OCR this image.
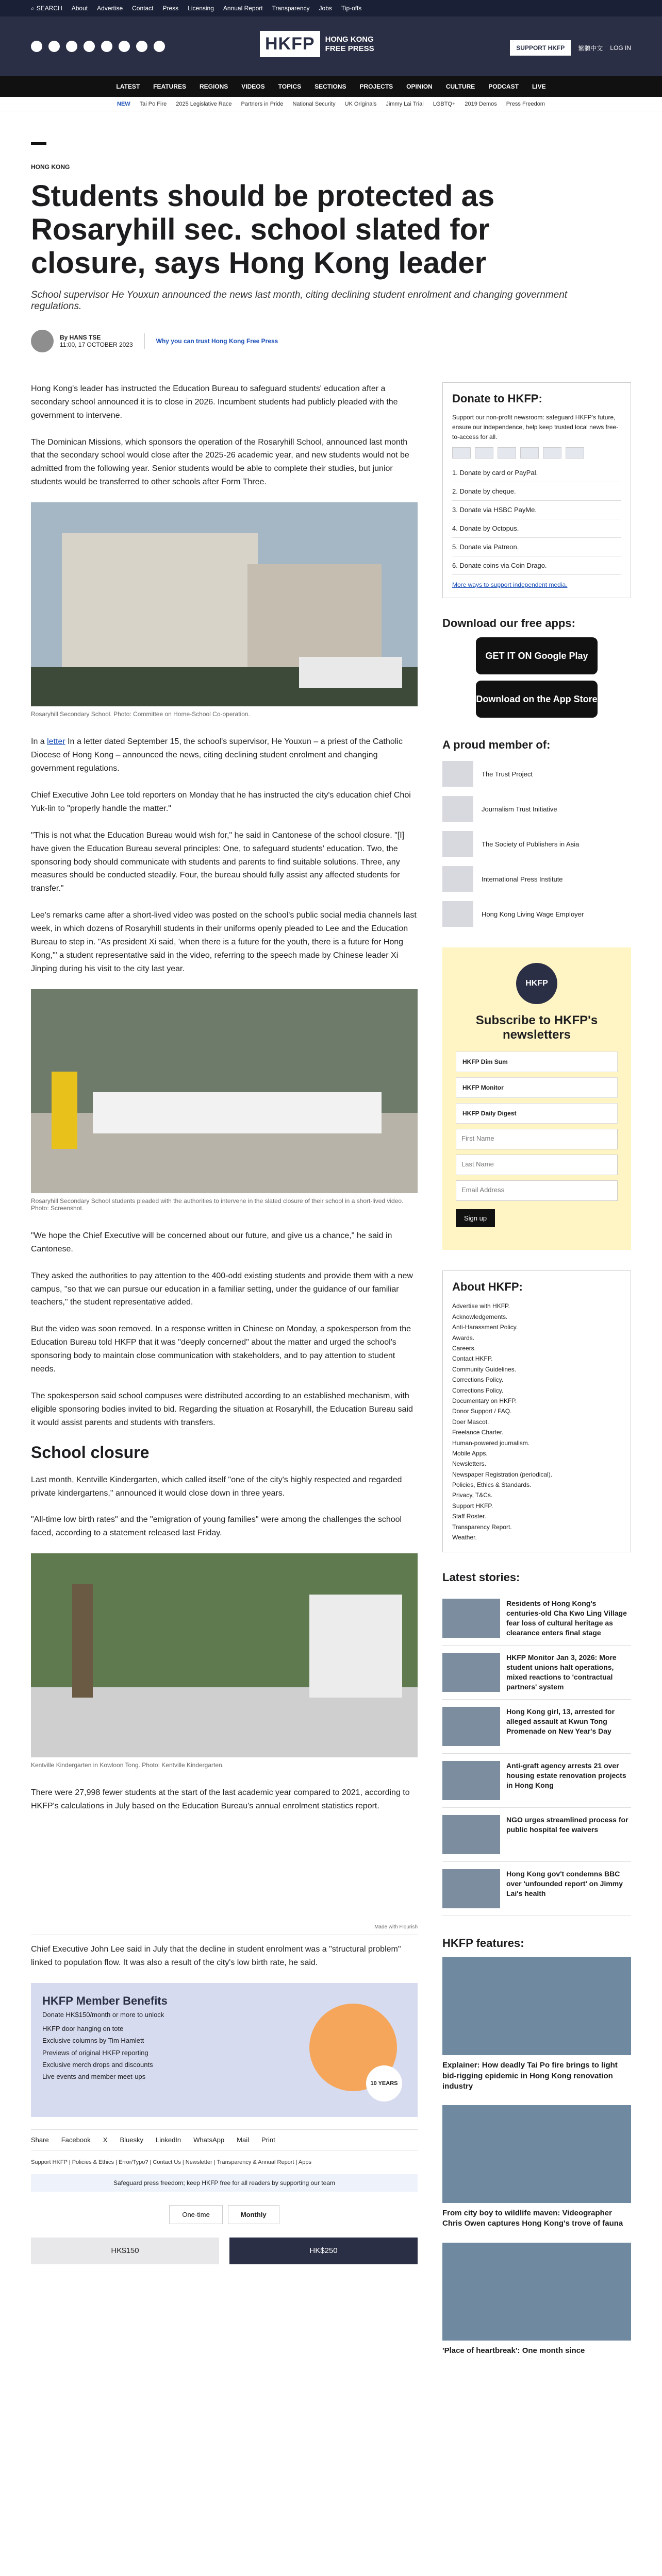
⌕ SEARCH About Advertise Contact Press Licensing Annual Report Transparency Jobs Tip-offs
HKFP	HONG KONG
FREE PRESS	SUPPORT HKFP	繁體中文 LOG IN
LATEST FEATURES REGIONS VIDEOS TOPICS SECTIONS PROJECTS OPINION CULTURE PODCAST LIVE
NEW Tai Po Fire 2025 Legislative Race Partners in Pride National Security UK Originals Jimmy Lai Trial LGBTQ+ 2019 Demos Press Freedom
HONG KONG
Students should be protected as Rosaryhill sec. school slated for closure, says Hong Kong leader
School supervisor He Youxun announced the news last month, citing declining student enrolment and changing government regulations.
By HANS TSE
11:00, 17 OCTOBER 2023	Why you can trust Hong Kong Free Press

Hong Kong's leader has instructed the Education Bureau to safeguard students' education after a secondary school announced it is to close in 2026. Incumbent students had publicly pleaded with the government to intervene.

The Dominican Missions, which sponsors the operation of the Rosaryhill School, announced last month that the secondary school would close after the 2025-26 academic year, and new students would not be admitted from the following year. Senior students would be able to complete their studies, but junior students would be transferred to other schools after Form Three.

Rosaryhill Secondary School. Photo: Committee on Home-School Co-operation.

In a letter In a letter dated September 15, the school's supervisor, He Youxun – a priest of the Catholic Diocese of Hong Kong – announced the news, citing declining student enrolment and changing government regulations.

Chief Executive John Lee told reporters on Monday that he has instructed the city's education chief Choi Yuk-lin to "properly handle the matter."

"This is not what the Education Bureau would wish for," he said in Cantonese of the school closure. "[I] have given the Education Bureau several principles: One, to safeguard students' education. Two, the sponsoring body should communicate with students and parents to find suitable solutions. Three, any measures should be conducted steadily. Four, the bureau should fully assist any affected students for transfer."

Lee's remarks came after a short-lived video was posted on the school's public social media channels last week, in which dozens of Rosaryhill students in their uniforms openly pleaded to Lee and the Education Bureau to step in. "As president Xi said, 'when there is a future for the youth, there is a future for Hong Kong,'" a student representative said in the video, referring to the speech made by Chinese leader Xi Jinping during his visit to the city last year.

Rosaryhill Secondary School students pleaded with the authorities to intervene in the slated closure of their school in a short-lived video. Photo: Screenshot.

"We hope the Chief Executive will be concerned about our future, and give us a chance," he said in Cantonese.

They asked the authorities to pay attention to the 400-odd existing students and provide them with a new campus, "so that we can pursue our education in a familiar setting, under the guidance of our familiar teachers," the student representative added.

But the video was soon removed. In a response written in Chinese on Monday, a spokesperson from the Education Bureau told HKFP that it was "deeply concerned" about the matter and urged the school's sponsoring body to maintain close communication with stakeholders, and to pay attention to student needs.

The spokesperson said school compuses were distributed according to an established mechanism, with eligible sponsoring bodies invited to bid. Regarding the situation at Rosaryhill, the Education Bureau said it would assist parents and students with transfers.

School closure

Last month, Kentville Kindergarten, which called itself "one of the city's highly respected and regarded private kindergartens," announced it would close down in three years.

"All-time low birth rates" and the "emigration of young families" were among the challenges the school faced, according to a statement released last Friday.

Kentville Kindergarten in Kowloon Tong. Photo: Kentville Kindergarten.

There were 27,998 fewer students at the start of the last academic year compared to 2021, according to HKFP's calculations in July based on the Education Bureau's annual enrolment statistics report.

Made with Flourish

Chief Executive John Lee said in July that the decline in student enrolment was a "structural problem" linked to population flow. It was also a result of the city's low birth rate, he said.

HKFP Member Benefits
Donate HK$150/month or more to unlock
HKFP door hanging on tote
Exclusive columns by Tim Hamlett
Previews of original HKFP reporting
Exclusive merch drops and discounts
Live events and member meet-ups
10 YEARS
Share Facebook X Bluesky LinkedIn WhatsApp Mail Print
Support HKFP | Policies & Ethics | Error/Typo? | Contact Us | Newsletter | Transparency & Annual Report | Apps
Safeguard press freedom; keep HKFP free for all readers by supporting our team
One-time	Monthly
HK$150	HK$250
Donate to HKFP:
Support our non-profit newsroom: safeguard HKFP's future, ensure our independence, help keep trusted local news free-to-access for all.
1. Donate by card or PayPal.
2. Donate by cheque.
3. Donate via HSBC PayMe.
4. Donate by Octopus.
5. Donate via Patreon.
6. Donate coins via Coin Drago.
More ways to support independent media.
Download our free apps:
GET IT ON Google Play
Download on the App Store
A proud member of:
The Trust Project
Journalism Trust Initiative
The Society of Publishers in Asia
International Press Institute
Hong Kong Living Wage Employer
HKFP
Subscribe to HKFP's newsletters
HKFP Dim Sum
HKFP Monitor
HKFP Daily Digest
First Name
Last Name
Email Address
Sign up
About HKFP:
Advertise with HKFP.
Acknowledgements.
Anti-Harassment Policy.
Awards.
Careers.
Contact HKFP.
Community Guidelines.
Corrections Policy.
Corrections Policy.
Documentary on HKFP.
Donor Support / FAQ.
Doer Mascot.
Freelance Charter.
Human-powered journalism.
Mobile Apps.
Newsletters.
Newspaper Registration (periodical).
Policies, Ethics & Standards.
Privacy, T&Cs.
Support HKFP.
Staff Roster.
Transparency Report.
Weather.
Latest stories:
Residents of Hong Kong's centuries-old Cha Kwo Ling Village fear loss of cultural heritage as clearance enters final stage
HKFP Monitor Jan 3, 2026: More student unions halt operations, mixed reactions to 'contractual partners' system
Hong Kong girl, 13, arrested for alleged assault at Kwun Tong Promenade on New Year's Day
Anti-graft agency arrests 21 over housing estate renovation projects in Hong Kong
NGO urges streamlined process for public hospital fee waivers
Hong Kong gov't condemns BBC over 'unfounded report' on Jimmy Lai's health
HKFP features:
Explainer: How deadly Tai Po fire brings to light bid-rigging epidemic in Hong Kong renovation industry
From city boy to wildlife maven: Videographer Chris Owen captures Hong Kong's trove of fauna
'Place of heartbreak': One month since
